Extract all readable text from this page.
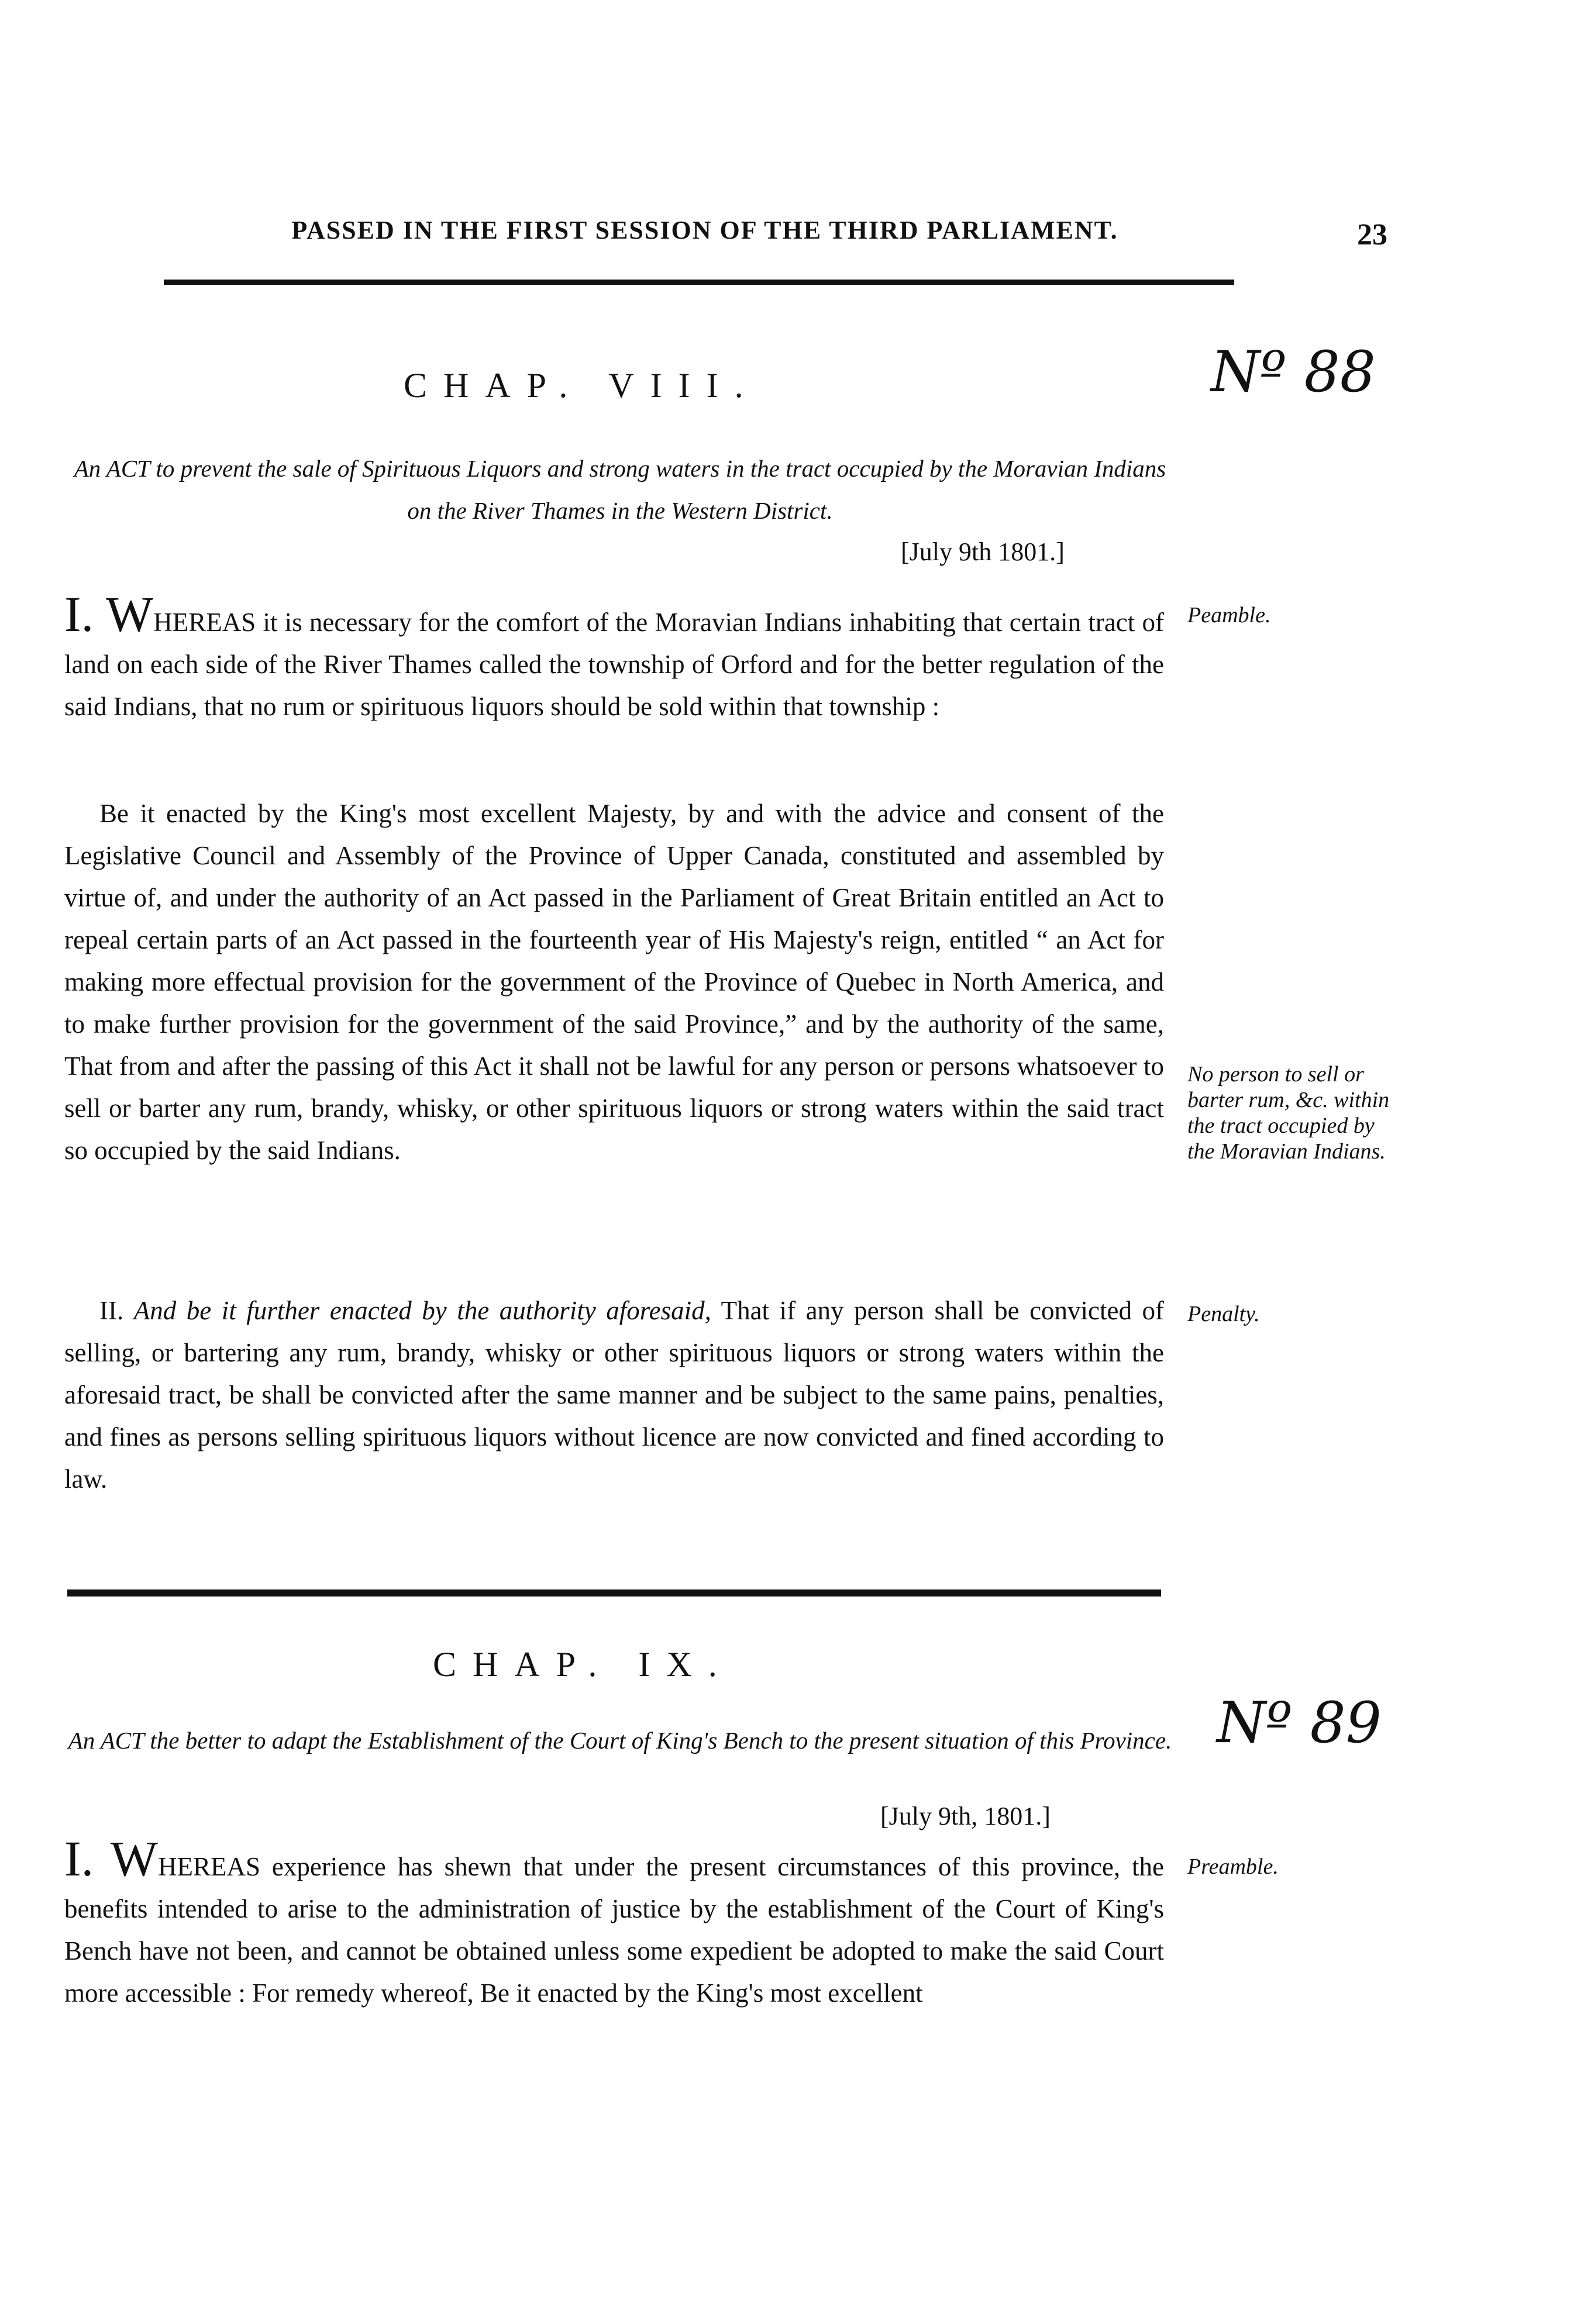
PASSED IN THE FIRST SESSION OF THE THIRD PARLIAMENT.	23
CHAP. VIII.	Nº 88
An ACT to prevent the sale of Spirituous Liquors and strong waters in the tract occupied by the Moravian Indians on the River Thames in the Western District.
[July 9th 1801.]
I. WHEREAS it is necessary for the comfort of the Moravian Indians inhabiting that certain tract of land on each side of the River Thames called the township of Orford and for the better regulation of the said Indians, that no rum or spirituous liquors should be sold within that township :
Peamble.
Be it enacted by the King's most excellent Majesty, by and with the advice and consent of the Legislative Council and Assembly of the Province of Upper Canada, constituted and assembled by virtue of, and under the authority of an Act passed in the Parliament of Great Britain entitled an Act to repeal certain parts of an Act passed in the fourteenth year of His Majesty's reign, entitled “ an Act for making more effectual provision for the government of the Province of Quebec in North America, and to make further provision for the government of the said Province,” and by the authority of the same, That from and after the passing of this Act it shall not be lawful for any person or persons whatsoever to sell or barter any rum, brandy, whisky, or other spirituous liquors or strong waters within the said tract so occupied by the said Indians.
No person to sell or barter rum, &c. within the tract occupied by the Moravian Indians.
II. And be it further enacted by the authority aforesaid, That if any person shall be convicted of selling, or bartering any rum, brandy, whisky or other spirituous liquors or strong waters within the aforesaid tract, be shall be convicted after the same manner and be subject to the same pains, penalties, and fines as persons selling spirituous liquors without licence are now convicted and fined according to law.
Penalty.
CHAP. IX.
Nº 89
An ACT the better to adapt the Establishment of the Court of King's Bench to the present situation of this Province.
[July 9th, 1801.]
I. WHEREAS experience has shewn that under the present circumstances of this province, the benefits intended to arise to the administration of justice by the establishment of the Court of King's Bench have not been, and cannot be obtained unless some expedient be adopted to make the said Court more accessible : For remedy whereof, Be it enacted by the King's most excellent
Preamble.
